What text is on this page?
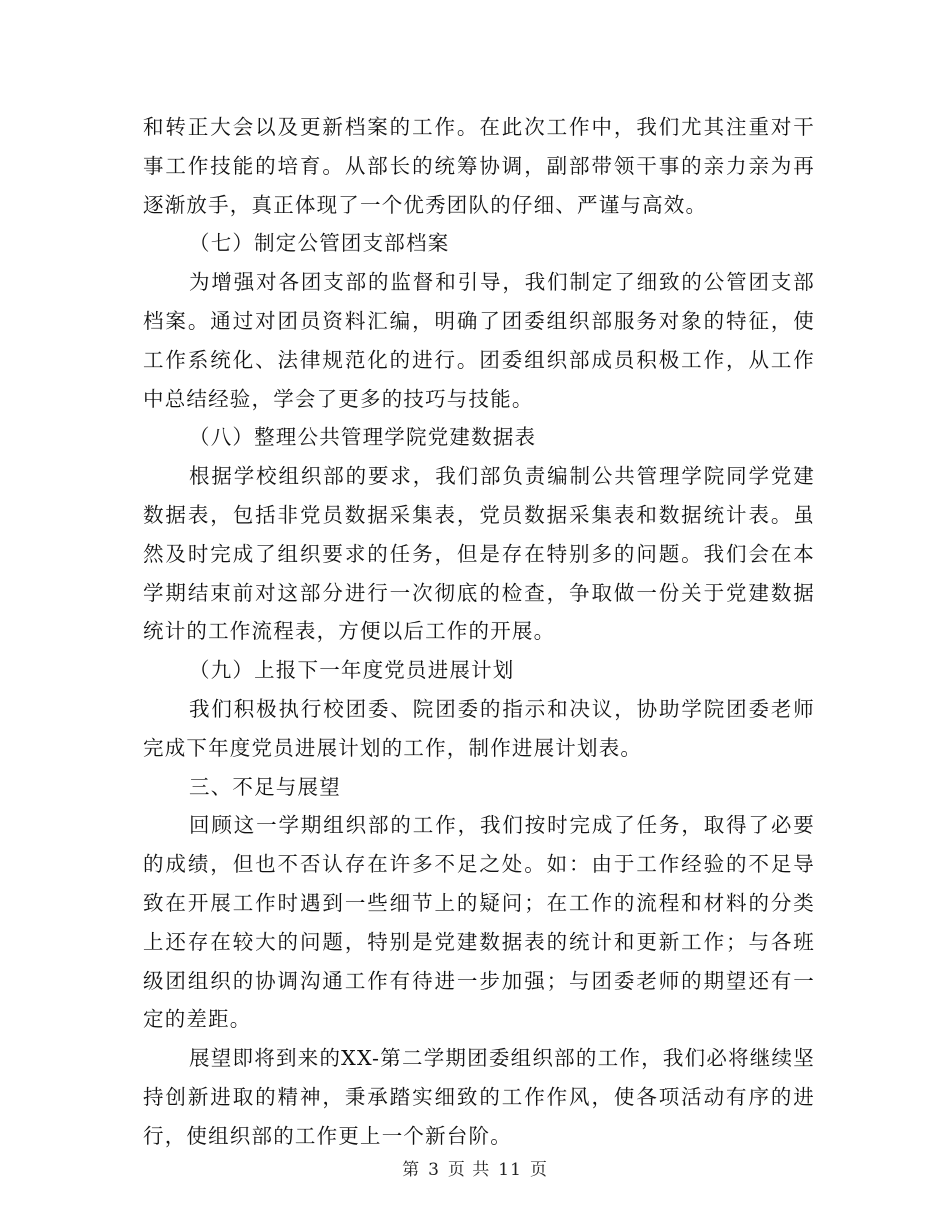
和转正大会以及更新档案的工作。在此次工作中，我们尤其注重对干事工作技能的培育。从部长的统筹协调，副部带领干事的亲力亲为再逐渐放手，真正体现了一个优秀团队的仔细、严谨与高效。

（七）制定公管团支部档案

为增强对各团支部的监督和引导，我们制定了细致的公管团支部档案。通过对团员资料汇编，明确了团委组织部服务对象的特征，使工作系统化、法律规范化的进行。团委组织部成员积极工作，从工作中总结经验，学会了更多的技巧与技能。

（八）整理公共管理学院党建数据表

根据学校组织部的要求，我们部负责编制公共管理学院同学党建数据表，包括非党员数据采集表，党员数据采集表和数据统计表。虽然及时完成了组织要求的任务，但是存在特别多的问题。我们会在本学期结束前对这部分进行一次彻底的检查，争取做一份关于党建数据统计的工作流程表，方便以后工作的开展。

（九）上报下一年度党员进展计划

我们积极执行校团委、院团委的指示和决议，协助学院团委老师完成下年度党员进展计划的工作，制作进展计划表。

三、不足与展望

回顾这一学期组织部的工作，我们按时完成了任务，取得了必要的成绩，但也不否认存在许多不足之处。如：由于工作经验的不足导致在开展工作时遇到一些细节上的疑问；在工作的流程和材料的分类上还存在较大的问题，特别是党建数据表的统计和更新工作；与各班级团组织的协调沟通工作有待进一步加强；与团委老师的期望还有一定的差距。

展望即将到来的XX-第二学期团委组织部的工作，我们必将继续坚持创新进取的精神，秉承踏实细致的工作作风，使各项活动有序的进行，使组织部的工作更上一个新台阶。

第 3 页 共 11 页
